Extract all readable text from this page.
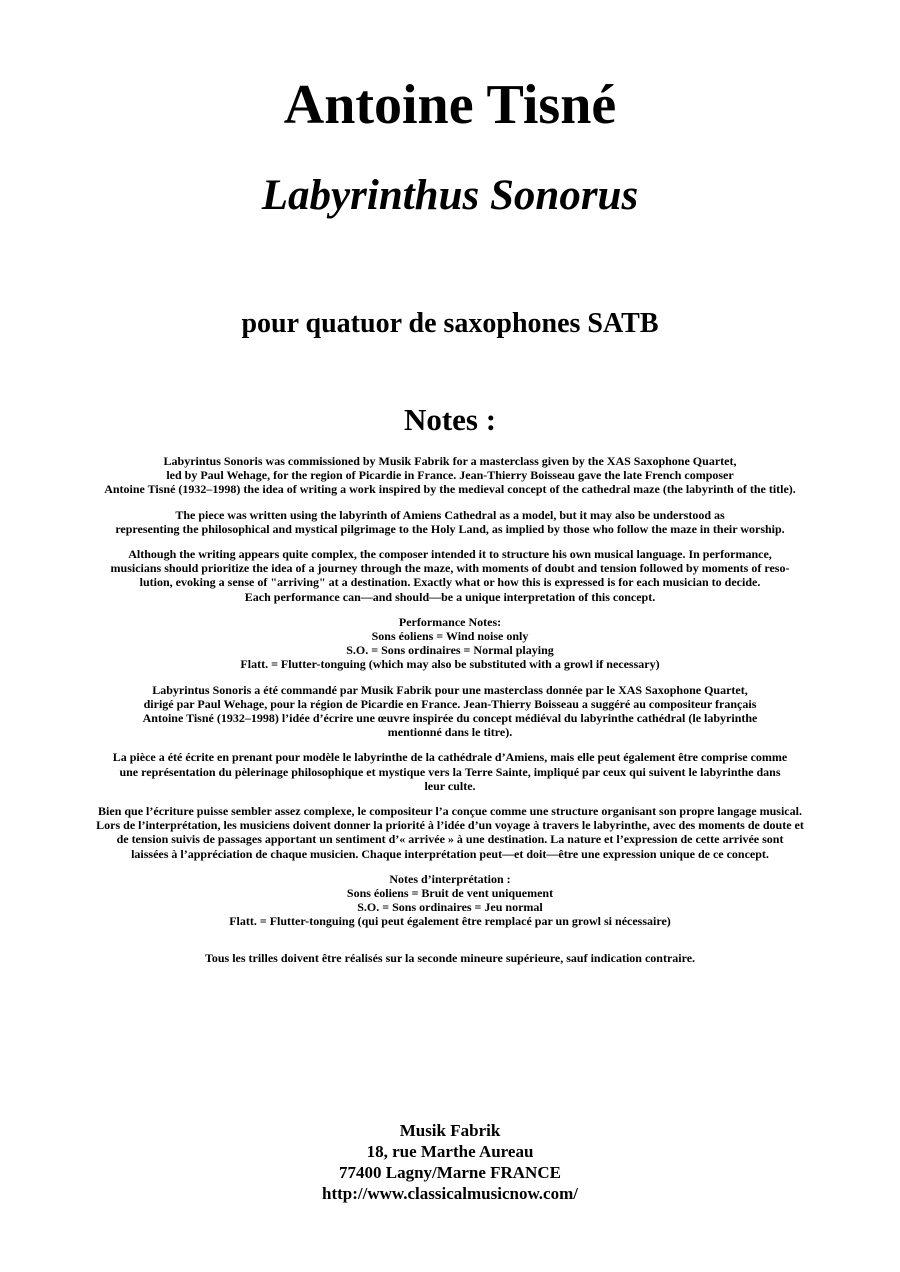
Antoine Tisné
Labyrinthus Sonorus
pour quatuor de saxophones SATB
Notes :
Labyrintus Sonoris was commissioned by Musik Fabrik for a masterclass given by the XAS Saxophone Quartet,
led by Paul Wehage, for the region of Picardie in France. Jean-Thierry Boisseau gave the late French composer
Antoine Tisné (1932–1998) the idea of writing a work inspired by the medieval concept of the cathedral maze (the labyrinth of the title).
The piece was written using the labyrinth of Amiens Cathedral as a model, but it may also be understood as
representing the philosophical and mystical pilgrimage to the Holy Land, as implied by those who follow the maze in their worship.
Although the writing appears quite complex, the composer intended it to structure his own musical language. In performance,
musicians should prioritize the idea of a journey through the maze, with moments of doubt and tension followed by moments of reso-
lution, evoking a sense of "arriving" at a destination. Exactly what or how this is expressed is for each musician to decide.
Each performance can—and should—be a unique interpretation of this concept.
Performance Notes:
Sons éoliens = Wind noise only
S.O. = Sons ordinaires = Normal playing
Flatt. = Flutter-tonguing (which may also be substituted with a growl if necessary)
Labyrintus Sonoris a été commandé par Musik Fabrik pour une masterclass donnée par le XAS Saxophone Quartet,
dirigé par Paul Wehage, pour la région de Picardie en France. Jean-Thierry Boisseau a suggéré au compositeur français
Antoine Tisné (1932–1998) l’idée d’écrire une œuvre inspirée du concept médiéval du labyrinthe cathédral (le labyrinthe
mentionné dans le titre).
La pièce a été écrite en prenant pour modèle le labyrinthe de la cathédrale d’Amiens, mais elle peut également être comprise comme
une représentation du pèlerinage philosophique et mystique vers la Terre Sainte, impliqué par ceux qui suivent le labyrinthe dans
leur culte.
Bien que l’écriture puisse sembler assez complexe, le compositeur l’a conçue comme une structure organisant son propre langage musical.
Lors de l’interprétation, les musiciens doivent donner la priorité à l’idée d’un voyage à travers le labyrinthe, avec des moments de doute et
de tension suivis de passages apportant un sentiment d’« arrivée » à une destination. La nature et l’expression de cette arrivée sont
laissées à l’appréciation de chaque musicien. Chaque interprétation peut—et doit—être une expression unique de ce concept.
Notes d’interprétation :
Sons éoliens = Bruit de vent uniquement
S.O. = Sons ordinaires = Jeu normal
Flatt. = Flutter-tonguing (qui peut également être remplacé par un growl si nécessaire)
Tous les trilles doivent être réalisés sur la seconde mineure supérieure, sauf indication contraire.
Musik Fabrik
18, rue Marthe Aureau
77400 Lagny/Marne FRANCE
http://www.classicalmusicnow.com/
